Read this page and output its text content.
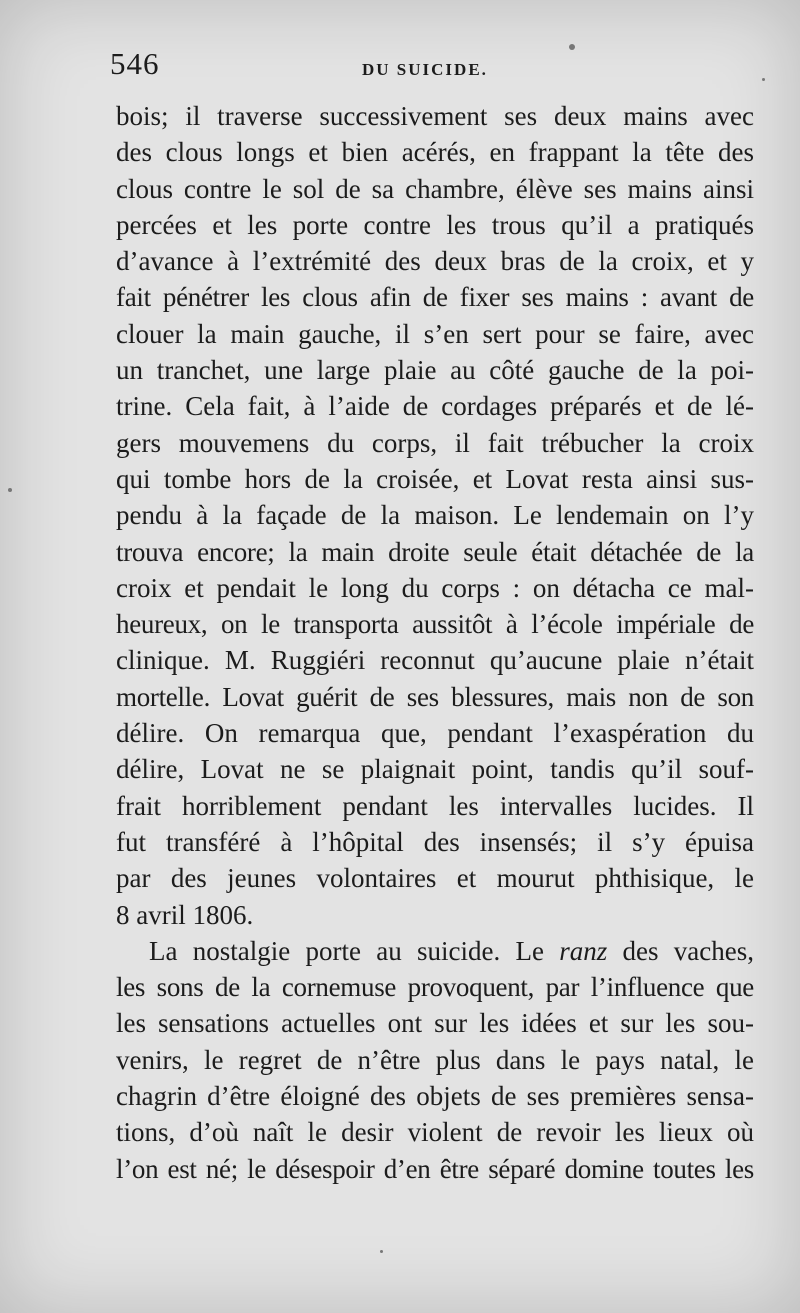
546	DU SUICIDE.
bois; il traverse successivement ses deux mains avec
des clous longs et bien acérés, en frappant la tête des
clous contre le sol de sa chambre, élève ses mains ainsi
percées et les porte contre les trous qu’il a pratiqués
d’avance à l’extrémité des deux bras de la croix, et y
fait pénétrer les clous afin de fixer ses mains : avant de
clouer la main gauche, il s’en sert pour se faire, avec
un tranchet, une large plaie au côté gauche de la poi-
trine. Cela fait, à l’aide de cordages préparés et de lé-
gers mouvemens du corps, il fait trébucher la croix
qui tombe hors de la croisée, et Lovat resta ainsi sus-
pendu à la façade de la maison. Le lendemain on l’y
trouva encore; la main droite seule était détachée de la
croix et pendait le long du corps : on détacha ce mal-
heureux, on le transporta aussitôt à l’école impériale de
clinique. M. Ruggiéri reconnut qu’aucune plaie n’était
mortelle. Lovat guérit de ses blessures, mais non de son
délire. On remarqua que, pendant l’exaspération du
délire, Lovat ne se plaignait point, tandis qu’il souf-
frait horriblement pendant les intervalles lucides. Il
fut transféré à l’hôpital des insensés; il s’y épuisa
par des jeunes volontaires et mourut phthisique, le
8 avril 1806.
La nostalgie porte au suicide. Le ranz des vaches,
les sons de la cornemuse provoquent, par l’influence que
les sensations actuelles ont sur les idées et sur les sou-
venirs, le regret de n’être plus dans le pays natal, le
chagrin d’être éloigné des objets de ses premières sensa-
tions, d’où naît le desir violent de revoir les lieux où
l’on est né; le désespoir d’en être séparé domine toutes les
